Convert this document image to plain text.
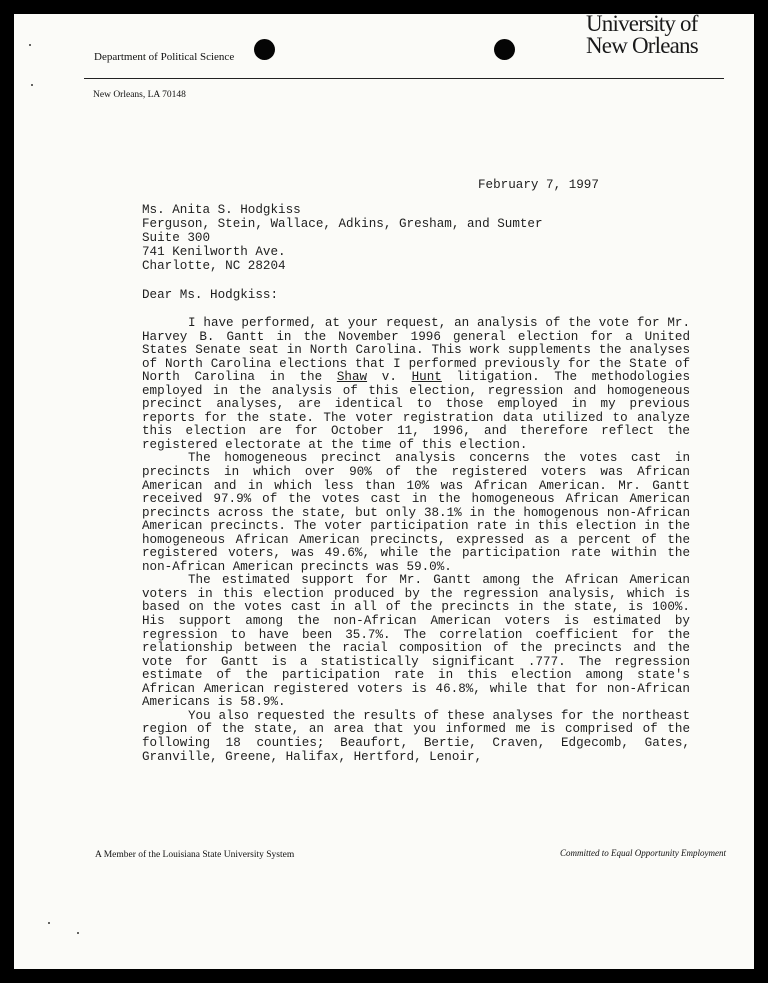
Department of Political Science
University of
New Orleans
New Orleans, LA 70148
February 7, 1997
Ms. Anita S. Hodgkiss
Ferguson, Stein, Wallace, Adkins, Gresham, and Sumter
Suite 300
741 Kenilworth Ave.
Charlotte, NC 28204
Dear Ms. Hodgkiss:

I have performed, at your request, an analysis of the vote for Mr. Harvey B. Gantt in the November 1996 general election for a United States Senate seat in North Carolina. This work supplements the analyses of North Carolina elections that I performed previously for the State of North Carolina in the Shaw v. Hunt litigation. The methodologies employed in the analysis of this election, regression and homogeneous precinct analyses, are identical to those employed in my previous reports for the state. The voter registration data utilized to analyze this election are for October 11, 1996, and therefore reflect the registered electorate at the time of this election.

The homogeneous precinct analysis concerns the votes cast in precincts in which over 90% of the registered voters was African American and in which less than 10% was African American. Mr. Gantt received 97.9% of the votes cast in the homogeneous African American precincts across the state, but only 38.1% in the homogenous non-African American precincts. The voter participation rate in this election in the homogeneous African American precincts, expressed as a percent of the registered voters, was 49.6%, while the participation rate within the non-African American precincts was 59.0%.

The estimated support for Mr. Gantt among the African American voters in this election produced by the regression analysis, which is based on the votes cast in all of the precincts in the state, is 100%. His support among the non-African American voters is estimated by regression to have been 35.7%. The correlation coefficient for the relationship between the racial composition of the precincts and the vote for Gantt is a statistically significant .777. The regression estimate of the participation rate in this election among state's African American registered voters is 46.8%, while that for non-African Americans is 58.9%.

You also requested the results of these analyses for the northeast region of the state, an area that you informed me is comprised of the following 18 counties; Beaufort, Bertie, Craven, Edgecomb, Gates, Granville, Greene, Halifax, Hertford, Lenoir,

A Member of the Louisiana State University System	Committed to Equal Opportunity Employment
